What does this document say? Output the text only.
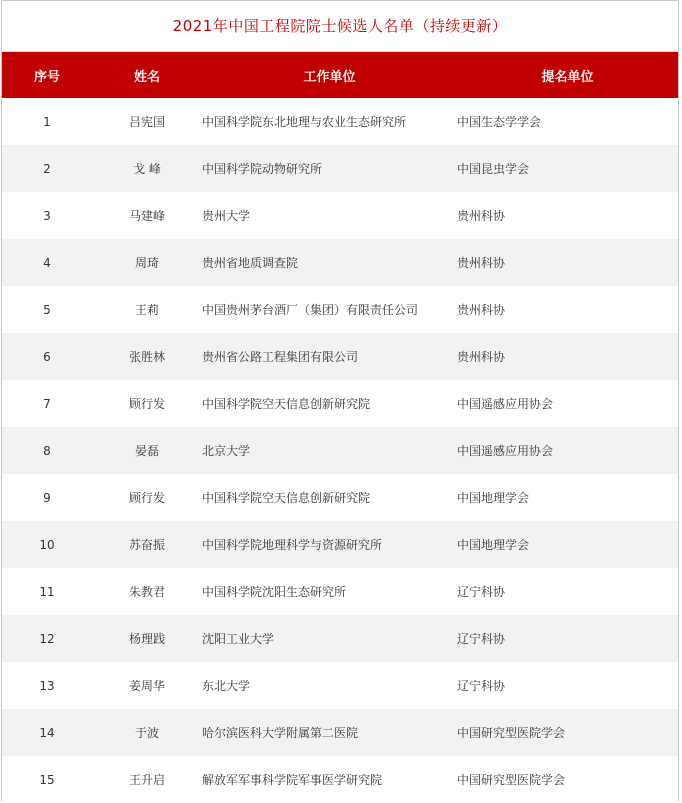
2021年中国工程院院士候选人名单（持续更新）
序号	姓名	工作单位	提名单位
1	吕宪国	中国科学院东北地理与农业生态研究所	中国生态学学会
2	戈 峰	中国科学院动物研究所	中国昆虫学会
3	马建峰	贵州大学	贵州科协
4	周琦	贵州省地质调查院	贵州科协
5	王莉	中国贵州茅台酒厂（集团）有限责任公司	贵州科协
6	张胜林	贵州省公路工程集团有限公司	贵州科协
7	顾行发	中国科学院空天信息创新研究院	中国遥感应用协会
8	晏磊	北京大学	中国遥感应用协会
9	顾行发	中国科学院空天信息创新研究院	中国地理学会
10	苏奋振	中国科学院地理科学与资源研究所	中国地理学会
11	朱教君	中国科学院沈阳生态研究所	辽宁科协
12	杨理践	沈阳工业大学	辽宁科协
13	姜周华	东北大学	辽宁科协
14	于波	哈尔滨医科大学附属第二医院	中国研究型医院学会
15	王升启	解放军军事科学院军事医学研究院	中国研究型医院学会
